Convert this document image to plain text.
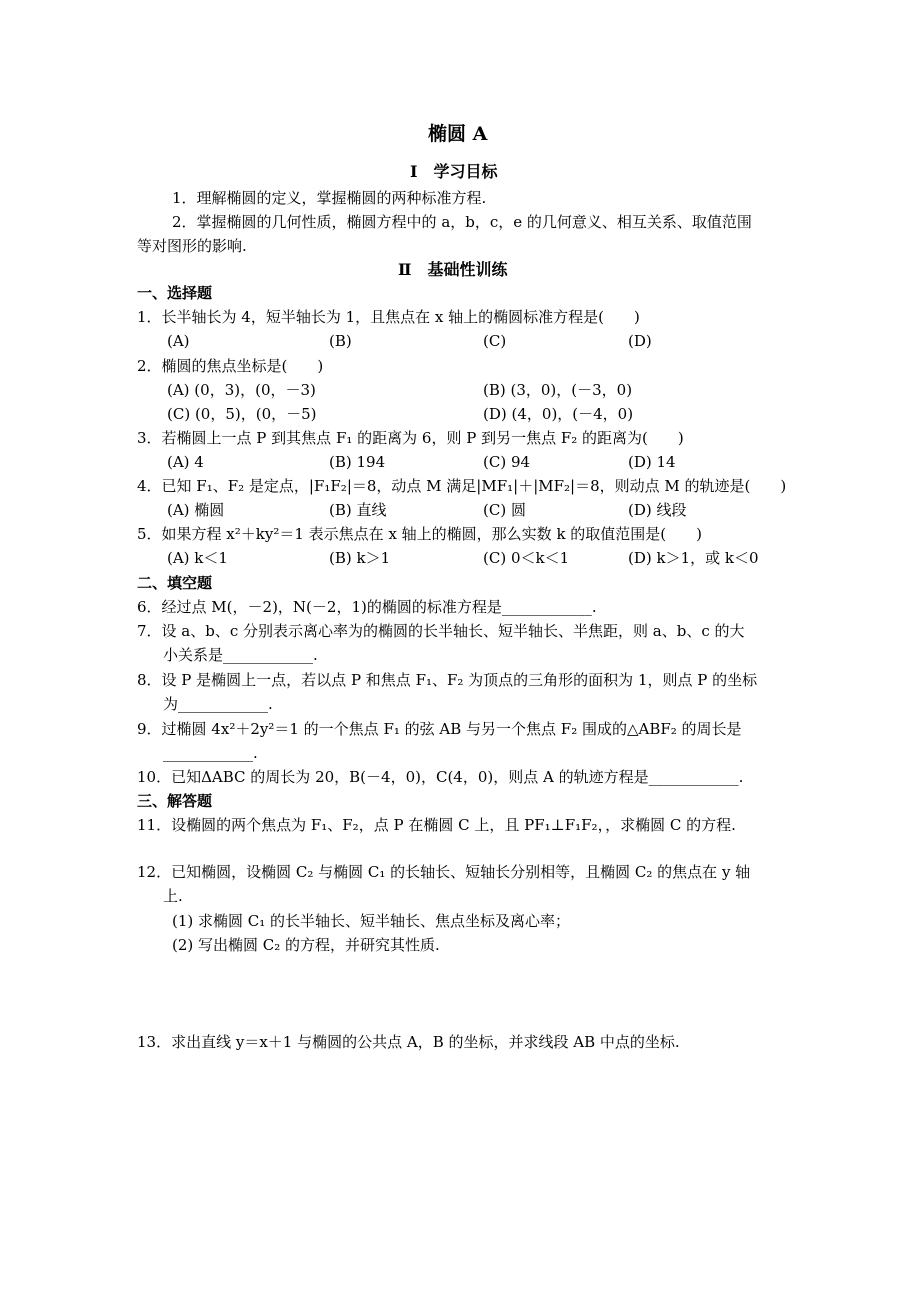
椭圆 A
Ⅰ　学习目标
1．理解椭圆的定义，掌握椭圆的两种标准方程.
2．掌握椭圆的几何性质，椭圆方程中的 a，b，c，e 的几何意义、相互关系、取值范围
等对图形的影响.
Ⅱ　基础性训练
一、选择题
1．长半轴长为 4，短半轴长为 1，且焦点在 x 轴上的椭圆标准方程是(　　)
(A)	(B)	(C)	(D)
2．椭圆的焦点坐标是(　　)
(A) (0，3)，(0，－3)	(B) (3，0)，(－3，0)
(C) (0，5)，(0，－5)	(D) (4，0)，(－4，0)
3．若椭圆上一点 P 到其焦点 F₁ 的距离为 6，则 P 到另一焦点 F₂ 的距离为(　　)
(A) 4	(B) 194	(C) 94	(D) 14
4．已知 F₁、F₂ 是定点，|F₁F₂|＝8，动点 M 满足|MF₁|＋|MF₂|＝8，则动点 M 的轨迹是(　　)
(A) 椭圆	(B) 直线	(C) 圆	(D) 线段
5．如果方程 x²＋ky²＝1 表示焦点在 x 轴上的椭圆，那么实数 k 的取值范围是(　　)
(A) k＜1	(B) k＞1	(C) 0＜k＜1	(D) k＞1，或 k＜0
二、填空题
6．经过点 M(，－2)，N(－2，1)的椭圆的标准方程是____________.
7．设 a、b、c 分别表示离心率为的椭圆的长半轴长、短半轴长、半焦距，则 a、b、c 的大
小关系是____________.
8．设 P 是椭圆上一点，若以点 P 和焦点 F₁、F₂ 为顶点的三角形的面积为 1，则点 P 的坐标
为____________.
9．过椭圆 4x²＋2y²＝1 的一个焦点 F₁ 的弦 AB 与另一个焦点 F₂ 围成的△ABF₂ 的周长是
____________.
10．已知ΔABC 的周长为 20，B(－4，0)，C(4，0)，则点 A 的轨迹方程是____________.
三、解答题
11．设椭圆的两个焦点为 F₁、F₂，点 P 在椭圆 C 上，且 PF₁⊥F₁F₂，，求椭圆 C 的方程.
12．已知椭圆，设椭圆 C₂ 与椭圆 C₁ 的长轴长、短轴长分别相等，且椭圆 C₂ 的焦点在 y 轴
上.
(1) 求椭圆 C₁ 的长半轴长、短半轴长、焦点坐标及离心率；
(2) 写出椭圆 C₂ 的方程，并研究其性质.
13．求出直线 y＝x＋1 与椭圆的公共点 A，B 的坐标，并求线段 AB 中点的坐标.
